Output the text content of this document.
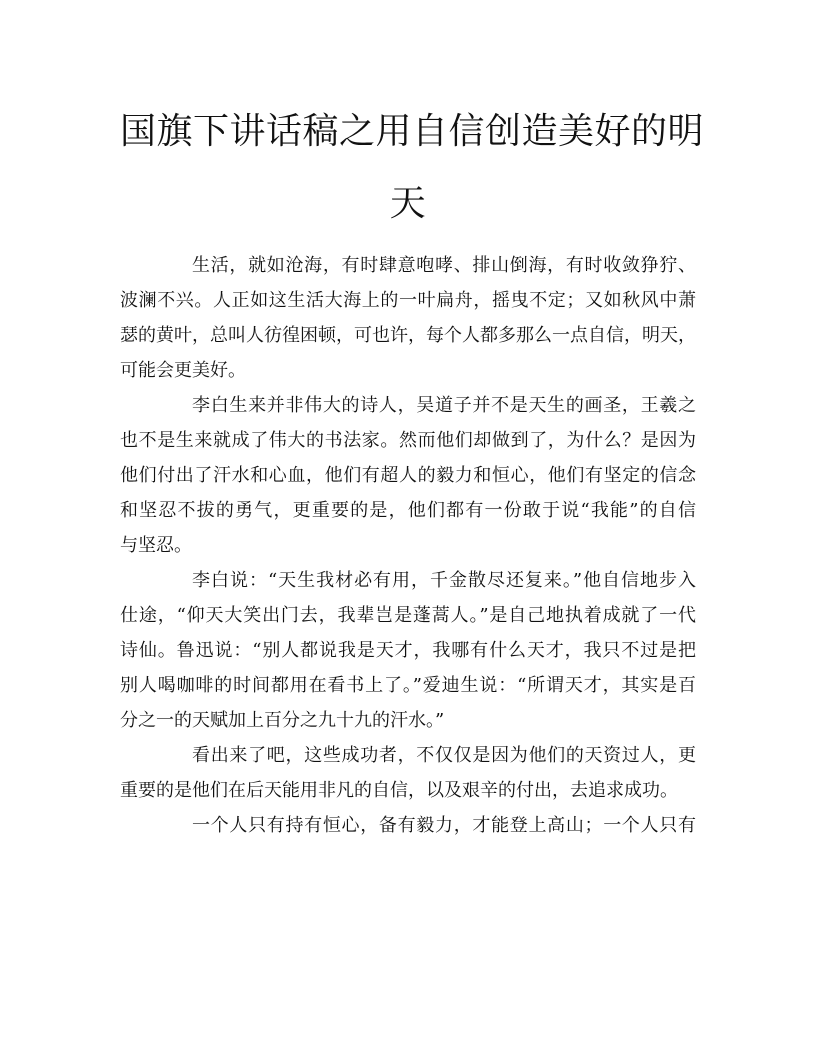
国旗下讲话稿之用自信创造美好的明
天

生活，就如沧海，有时肆意咆哮、排山倒海，有时收敛狰狞、
波澜不兴。人正如这生活大海上的一叶扁舟，摇曳不定；又如秋风中萧
瑟的黄叶，总叫人彷徨困顿，可也许，每个人都多那么一点自信，明天，
可能会更美好。

李白生来并非伟大的诗人，吴道子并不是天生的画圣，王羲之
也不是生来就成了伟大的书法家。然而他们却做到了，为什么？是因为
他们付出了汗水和心血，他们有超人的毅力和恒心，他们有坚定的信念
和坚忍不拔的勇气，更重要的是，他们都有一份敢于说“我能”的自信
与坚忍。

李白说：“天生我材必有用，千金散尽还复来。”他自信地步入
仕途，“仰天大笑出门去，我辈岂是蓬蒿人。”是自己地执着成就了一代
诗仙。鲁迅说：“别人都说我是天才，我哪有什么天才，我只不过是把
别人喝咖啡的时间都用在看书上了。”爱迪生说：“所谓天才，其实是百
分之一的天赋加上百分之九十九的汗水。”

看出来了吧，这些成功者，不仅仅是因为他们的天资过人，更
重要的是他们在后天能用非凡的自信，以及艰辛的付出，去追求成功。

一个人只有持有恒心，备有毅力，才能登上高山；一个人只有
